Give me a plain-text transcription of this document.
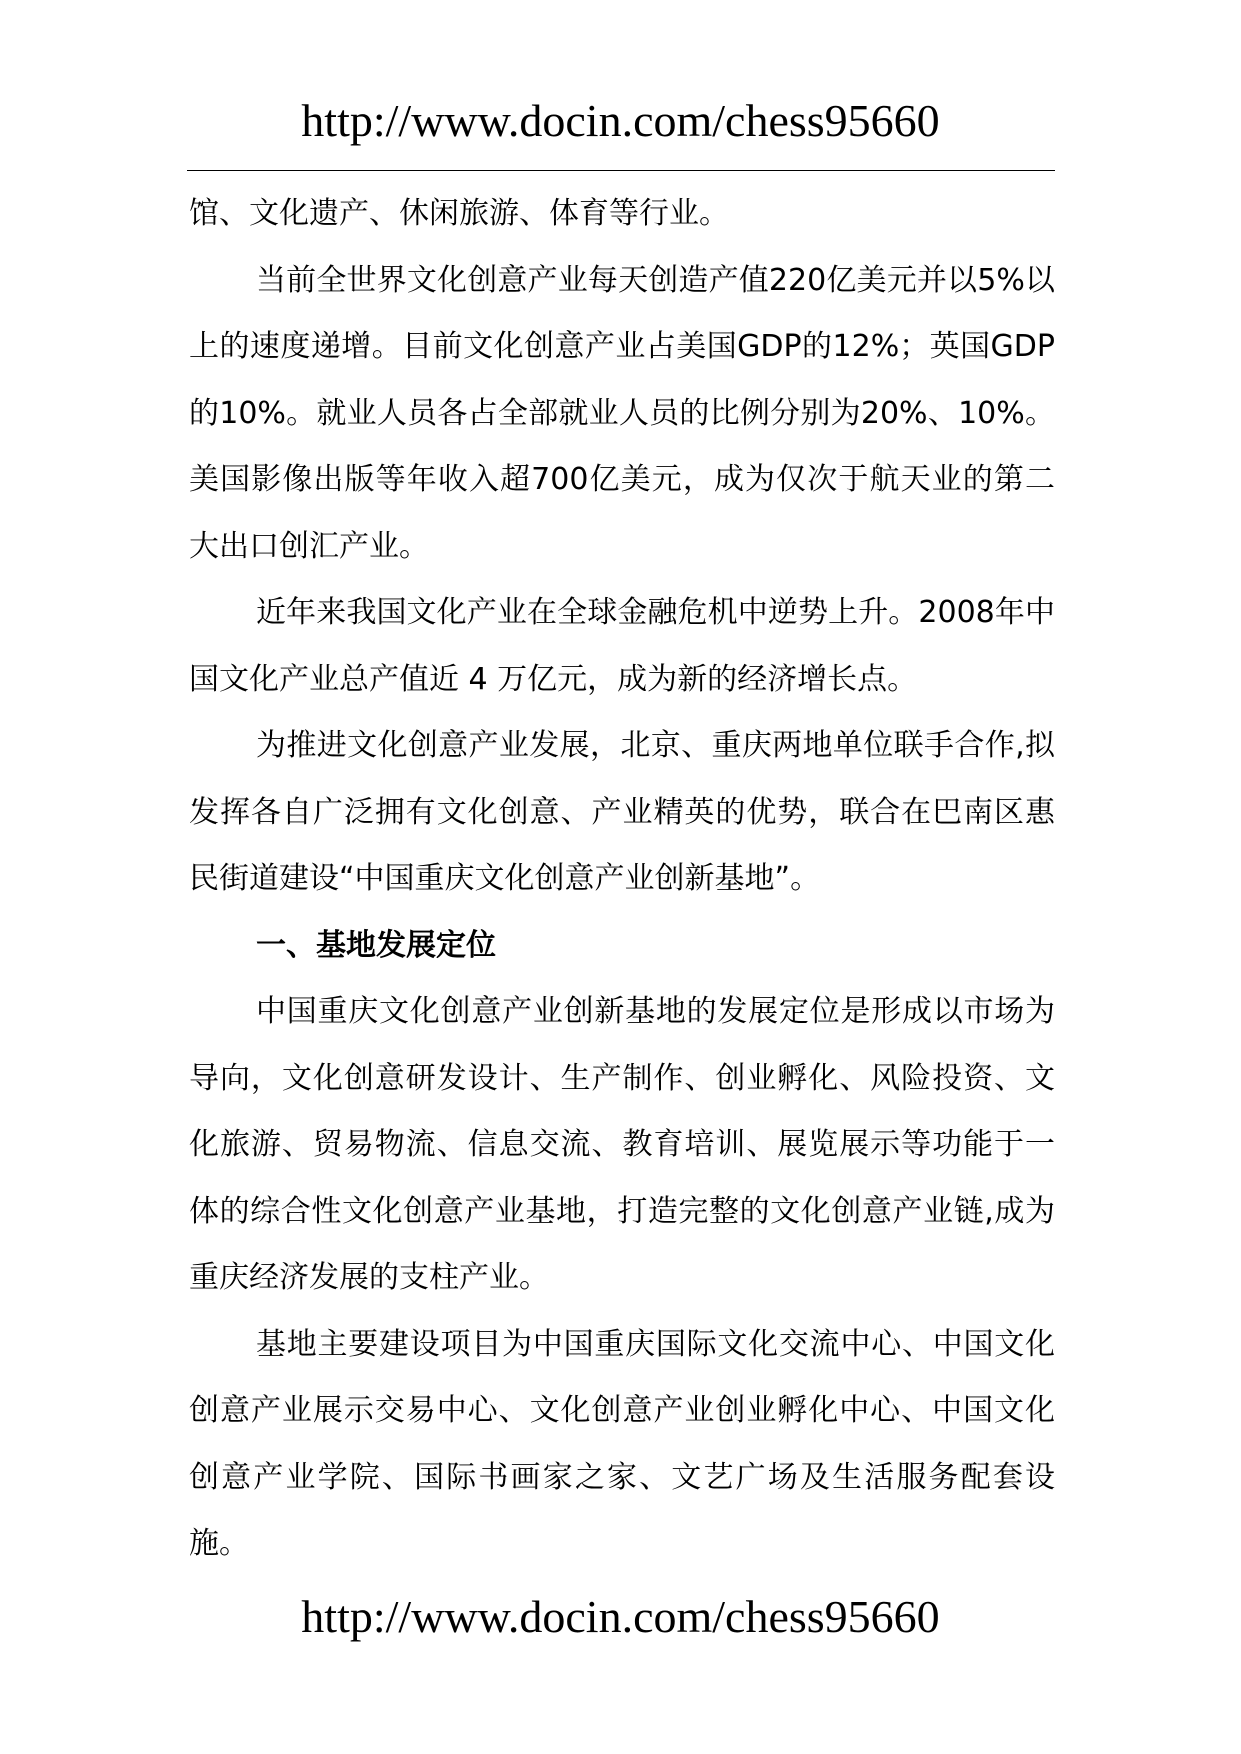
http://www.docin.com/chess95660

馆、文化遗产、休闲旅游、体育等行业。

当前全世界文化创意产业每天创造产值220亿美元并以5%以上的速度递增。目前文化创意产业占美国GDP的12%；英国GDP的10%。就业人员各占全部就业人员的比例分别为20%、10%。美国影像出版等年收入超700亿美元，成为仅次于航天业的第二大出口创汇产业。

近年来我国文化产业在全球金融危机中逆势上升。2008年中国文化产业总产值近 4 万亿元，成为新的经济增长点。

为推进文化创意产业发展，北京、重庆两地单位联手合作,拟发挥各自广泛拥有文化创意、产业精英的优势，联合在巴南区惠民街道建设“中国重庆文化创意产业创新基地”。

一、基地发展定位

中国重庆文化创意产业创新基地的发展定位是形成以市场为导向，文化创意研发设计、生产制作、创业孵化、风险投资、文化旅游、贸易物流、信息交流、教育培训、展览展示等功能于一体的综合性文化创意产业基地，打造完整的文化创意产业链,成为重庆经济发展的支柱产业。

基地主要建设项目为中国重庆国际文化交流中心、中国文化创意产业展示交易中心、文化创意产业创业孵化中心、中国文化创意产业学院、国际书画家之家、文艺广场及生活服务配套设施。

http://www.docin.com/chess95660
